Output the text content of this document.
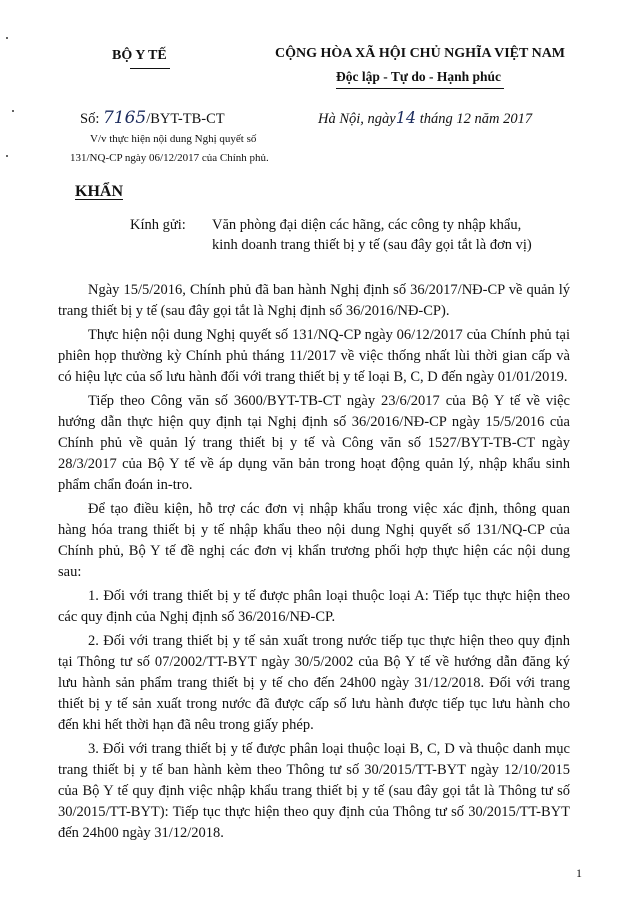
BỘ Y TẾ	CỘNG HÒA XÃ HỘI CHỦ NGHĨA VIỆT NAM
Độc lập - Tự do - Hạnh phúc
Số: 7165/BYT-TB-CT	Hà Nội, ngày14 tháng 12 năm 2017
V/v thực hiện nội dung Nghị quyết số
131/NQ-CP ngày 06/12/2017 của Chính phủ.
KHẨN
Kính gửi: Văn phòng đại diện các hãng, các công ty nhập khẩu,
kinh doanh trang thiết bị y tế (sau đây gọi tắt là đơn vị)

Ngày 15/5/2016, Chính phủ đã ban hành Nghị định số 36/2017/NĐ-CP về quản lý trang thiết bị y tế (sau đây gọi tắt là Nghị định số 36/2016/NĐ-CP).

Thực hiện nội dung Nghị quyết số 131/NQ-CP ngày 06/12/2017 của Chính phủ tại phiên họp thường kỳ Chính phủ tháng 11/2017 về việc thống nhất lùi thời gian cấp và có hiệu lực của số lưu hành đối với trang thiết bị y tế loại B, C, D đến ngày 01/01/2019.

Tiếp theo Công văn số 3600/BYT-TB-CT ngày 23/6/2017 của Bộ Y tế về việc hướng dẫn thực hiện quy định tại Nghị định số 36/2016/NĐ-CP ngày 15/5/2016 của Chính phủ về quản lý trang thiết bị y tế và Công văn số 1527/BYT-TB-CT ngày 28/3/2017 của Bộ Y tế về áp dụng văn bản trong hoạt động quản lý, nhập khẩu sinh phẩm chẩn đoán in-tro.

Để tạo điều kiện, hỗ trợ các đơn vị nhập khẩu trong việc xác định, thông quan hàng hóa trang thiết bị y tế nhập khẩu theo nội dung Nghị quyết số 131/NQ-CP của Chính phủ, Bộ Y tế đề nghị các đơn vị khẩn trương phối hợp thực hiện các nội dung sau:

1. Đối với trang thiết bị y tế được phân loại thuộc loại A: Tiếp tục thực hiện theo các quy định của Nghị định số 36/2016/NĐ-CP.

2. Đối với trang thiết bị y tế sản xuất trong nước tiếp tục thực hiện theo quy định tại Thông tư số 07/2002/TT-BYT ngày 30/5/2002 của Bộ Y tế về hướng dẫn đăng ký lưu hành sản phẩm trang thiết bị y tế cho đến 24h00 ngày 31/12/2018. Đối với trang thiết bị y tế sản xuất trong nước đã được cấp số lưu hành được tiếp tục lưu hành cho đến khi hết thời hạn đã nêu trong giấy phép.

3. Đối với trang thiết bị y tế được phân loại thuộc loại B, C, D và thuộc danh mục trang thiết bị y tế ban hành kèm theo Thông tư số 30/2015/TT-BYT ngày 12/10/2015 của Bộ Y tế quy định việc nhập khẩu trang thiết bị y tế (sau đây gọi tắt là Thông tư số 30/2015/TT-BYT): Tiếp tục thực hiện theo quy định của Thông tư số 30/2015/TT-BYT đến 24h00 ngày 31/12/2018.

1
